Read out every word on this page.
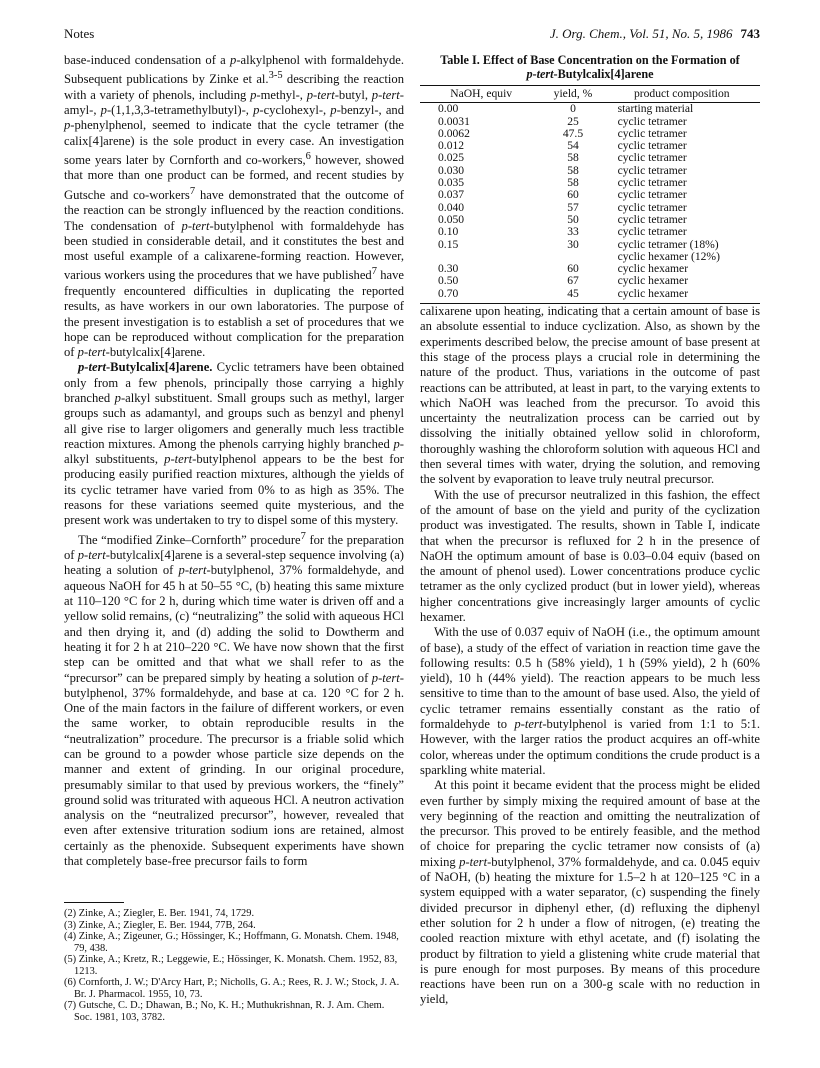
Notes	J. Org. Chem., Vol. 51, No. 5, 1986 743

base-induced condensation of a p-alkylphenol with formaldehyde. Subsequent publications by Zinke et al.$^{3-5}$ describing the reaction with a variety of phenols, including p-methyl-, p-tert-butyl, p-tert-amyl-, p-(1,1,3,3-tetramethylbutyl)-, p-cyclohexyl-, p-benzyl-, and p-phenylphenol, seemed to indicate that the cycle tetramer (the calix[4]arene) is the sole product in every case. An investigation some years later by Cornforth and co-workers,$^6$ however, showed that more than one product can be formed, and recent studies by Gutsche and co-workers$^7$ have demonstrated that the outcome of the reaction can be strongly influenced by the reaction conditions. The condensation of p-tert-butylphenol with formaldehyde has been studied in considerable detail, and it constitutes the best and most useful example of a calixarene-forming reaction. However, various workers using the procedures that we have published$^7$ have frequently encountered difficulties in duplicating the reported results, as have workers in our own laboratories. The purpose of the present investigation is to establish a set of procedures that we hope can be reproduced without complication for the preparation of p-tert-butylcalix[4]arene.

p-tert-Butylcalix[4]arene. Cyclic tetramers have been obtained only from a few phenols, principally those carrying a highly branched p-alkyl substituent. Small groups such as methyl, larger groups such as adamantyl, and groups such as benzyl and phenyl all give rise to larger oligomers and generally much less tractible reaction mixtures. Among the phenols carrying highly branched p-alkyl substituents, p-tert-butylphenol appears to be the best for producing easily purified reaction mixtures, although the yields of its cyclic tetramer have varied from 0% to as high as 35%. The reasons for these variations seemed quite mysterious, and the present work was undertaken to try to dispel some of this mystery.

The “modified Zinke–Cornforth” procedure$^7$ for the preparation of p-tert-butylcalix[4]arene is a several-step sequence involving (a) heating a solution of p-tert-butylphenol, 37% formaldehyde, and aqueous NaOH for 45 h at 50–55 °C, (b) heating this same mixture at 110–120 °C for 2 h, during which time water is driven off and a yellow solid remains, (c) “neutralizing” the solid with aqueous HCl and then drying it, and (d) adding the solid to Dowtherm and heating it for 2 h at 210–220 °C. We have now shown that the first step can be omitted and that what we shall refer to as the “precursor” can be prepared simply by heating a solution of p-tert-butylphenol, 37% formaldehyde, and base at ca. 120 °C for 2 h. One of the main factors in the failure of different workers, or even the same worker, to obtain reproducible results in the “neutralization” procedure. The precursor is a friable solid which can be ground to a powder whose particle size depends on the manner and extent of grinding. In our original procedure, presumably similar to that used by previous workers, the “finely” ground solid was triturated with aqueous HCl. A neutron activation analysis on the “neutralized precursor”, however, revealed that even after extensive trituration sodium ions are retained, almost certainly as the phenoxide. Subsequent experiments have shown that completely base-free precursor fails to form

Table I. Effect of Base Concentration on the Formation of
p-tert-Butylcalix[4]arene
NaOH, equiv	yield, %	product composition
0.00	0	starting material
0.0031	25	cyclic tetramer
0.0062	47.5	cyclic tetramer
0.012	54	cyclic tetramer
0.025	58	cyclic tetramer
0.030	58	cyclic tetramer
0.035	58	cyclic tetramer
0.037	60	cyclic tetramer
0.040	57	cyclic tetramer
0.050	50	cyclic tetramer
0.10	33	cyclic tetramer
0.15	30	cyclic tetramer (18%)
		cyclic hexamer (12%)
0.30	60	cyclic hexamer
0.50	67	cyclic hexamer
0.70	45	cyclic hexamer

calixarene upon heating, indicating that a certain amount of base is an absolute essential to induce cyclization. Also, as shown by the experiments described below, the precise amount of base present at this stage of the process plays a crucial role in determining the nature of the product. Thus, variations in the outcome of past reactions can be attributed, at least in part, to the varying extents to which NaOH was leached from the precursor. To avoid this uncertainty the neutralization process can be carried out by dissolving the initially obtained yellow solid in chloroform, thoroughly washing the chloroform solution with aqueous HCl and then several times with water, drying the solution, and removing the solvent by evaporation to leave truly neutral precursor.

With the use of precursor neutralized in this fashion, the effect of the amount of base on the yield and purity of the cyclization product was investigated. The results, shown in Table I, indicate that when the precursor is refluxed for 2 h in the presence of NaOH the optimum amount of base is 0.03–0.04 equiv (based on the amount of phenol used). Lower concentrations produce cyclic tetramer as the only cyclized product (but in lower yield), whereas higher concentrations give increasingly larger amounts of cyclic hexamer.

With the use of 0.037 equiv of NaOH (i.e., the optimum amount of base), a study of the effect of variation in reaction time gave the following results: 0.5 h (58% yield), 1 h (59% yield), 2 h (60% yield), 10 h (44% yield). The reaction appears to be much less sensitive to time than to the amount of base used. Also, the yield of cyclic tetramer remains essentially constant as the ratio of formaldehyde to p-tert-butylphenol is varied from 1:1 to 5:1. However, with the larger ratios the product acquires an off-white color, whereas under the optimum conditions the crude product is a sparkling white material.

At this point it became evident that the process might be elided even further by simply mixing the required amount of base at the very beginning of the reaction and omitting the neutralization of the precursor. This proved to be entirely feasible, and the method of choice for preparing the cyclic tetramer now consists of (a) mixing p-tert-butylphenol, 37% formaldehyde, and ca. 0.045 equiv of NaOH, (b) heating the mixture for 1.5–2 h at 120–125 °C in a system equipped with a water separator, (c) suspending the finely divided precursor in diphenyl ether, (d) refluxing the diphenyl ether solution for 2 h under a flow of nitrogen, (e) treating the cooled reaction mixture with ethyl acetate, and (f) isolating the product by filtration to yield a glistening white crude material that is pure enough for most purposes. By means of this procedure reactions have been run on a 300-g scale with no reduction in yield,

(2) Zinke, A.; Ziegler, E. Ber. 1941, 74, 1729.

(3) Zinke, A.; Ziegler, E. Ber. 1944, 77B, 264.

(4) Zinke, A.; Zigeuner, G.; Hössinger, K.; Hoffmann, G. Monatsh. Chem. 1948, 79, 438.

(5) Zinke, A.; Kretz, R.; Leggewie, E.; Hössinger, K. Monatsh. Chem. 1952, 83, 1213.

(6) Cornforth, J. W.; D'Arcy Hart, P.; Nicholls, G. A.; Rees, R. J. W.; Stock, J. A. Br. J. Pharmacol. 1955, 10, 73.

(7) Gutsche, C. D.; Dhawan, B.; No, K. H.; Muthukrishnan, R. J. Am. Chem. Soc. 1981, 103, 3782.
